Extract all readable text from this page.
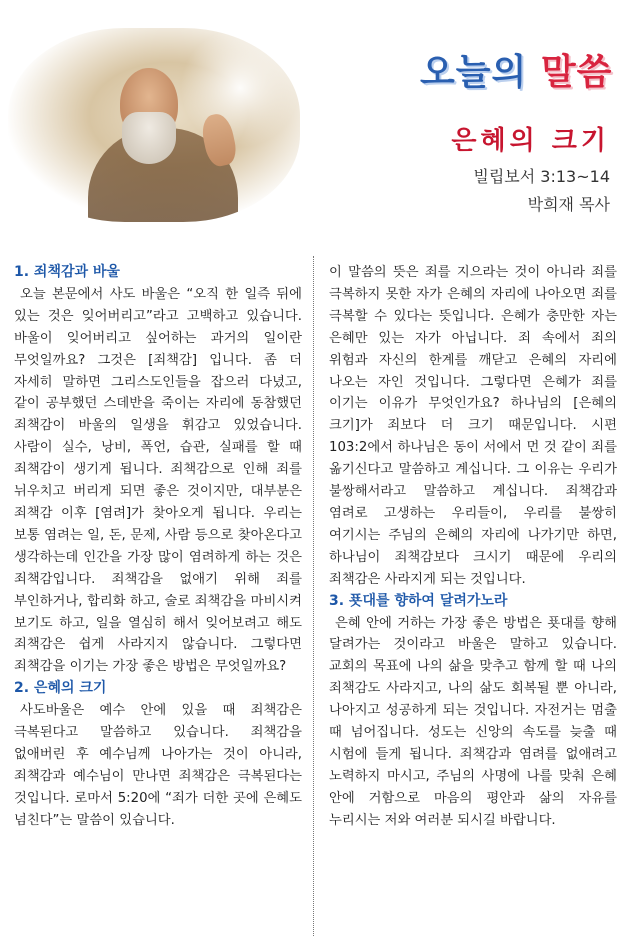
오늘의 말씀
은혜의 크기
빌립보서 3:13~14
박희재 목사
1. 죄책감과 바울
오늘 본문에서 사도 바울은 “오직 한 일즉 뒤에 있는 것은 잊어버리고”라고 고백하고 있습니다. 바울이 잊어버리고 싶어하는 과거의 일이란 무엇일까요? 그것은 [죄책감] 입니다. 좀 더 자세히 말하면 그리스도인들을 잡으러 다녔고, 같이 공부했던 스데반을 죽이는 자리에 동참했던 죄책감이 바울의 일생을 휘감고 있었습니다. 사람이 실수, 낭비, 폭언, 습관, 실패를 할 때 죄책감이 생기게 됩니다. 죄책감으로 인해 죄를 뉘우치고 버리게 되면 좋은 것이지만, 대부분은 죄책감 이후 [염려]가 찾아오게 됩니다. 우리는 보통 염려는 일, 돈, 문제, 사람 등으로 찾아온다고 생각하는데 인간을 가장 많이 염려하게 하는 것은 죄책감입니다. 죄책감을 없애기 위해 죄를 부인하거나, 합리화 하고, 술로 죄책감을 마비시켜 보기도 하고, 일을 열심히 해서 잊어보려고 해도 죄책감은 쉽게 사라지지 않습니다. 그렇다면 죄책감을 이기는 가장 좋은 방법은 무엇일까요?
2. 은혜의 크기
사도바울은 예수 안에 있을 때 죄책감은 극복된다고 말씀하고 있습니다. 죄책감을 없애버린 후 예수님께 나아가는 것이 아니라, 죄책감과 예수님이 만나면 죄책감은 극복된다는 것입니다. 로마서 5:20에 “죄가 더한 곳에 은혜도 넘친다”는 말씀이 있습니다.
이 말씀의 뜻은 죄를 지으라는 것이 아니라 죄를 극복하지 못한 자가 은혜의 자리에 나아오면 죄를 극복할 수 있다는 뜻입니다. 은혜가 충만한 자는 은혜만 있는 자가 아닙니다. 죄 속에서 죄의 위험과 자신의 한계를 깨닫고 은혜의 자리에 나오는 자인 것입니다. 그렇다면 은혜가 죄를 이기는 이유가 무엇인가요? 하나님의 [은혜의 크기]가 죄보다 더 크기 때문입니다. 시편 103:2에서 하나님은 동이 서에서 먼 것 같이 죄를 옮기신다고 말씀하고 계십니다. 그 이유는 우리가 불쌍해서라고 말씀하고 계십니다. 죄책감과 염려로 고생하는 우리들이, 우리를 불쌍히 여기시는 주님의 은혜의 자리에 나가기만 하면, 하나님이 죄책감보다 크시기 때문에 우리의 죄책감은 사라지게 되는 것입니다.
3. 푯대를 향하여 달려가노라
은혜 안에 거하는 가장 좋은 방법은 푯대를 향해 달려가는 것이라고 바울은 말하고 있습니다. 교회의 목표에 나의 삶을 맞추고 함께 할 때 나의 죄책감도 사라지고, 나의 삶도 회복될 뿐 아니라, 나아지고 성공하게 되는 것입니다. 자전거는 멈출 때 넘어집니다. 성도는 신앙의 속도를 늦출 때 시험에 들게 됩니다. 죄책감과 염려를 없애려고 노력하지 마시고, 주님의 사명에 나를 맞춰 은혜 안에 거함으로 마음의 평안과 삶의 자유를 누리시는 저와 여러분 되시길 바랍니다.
